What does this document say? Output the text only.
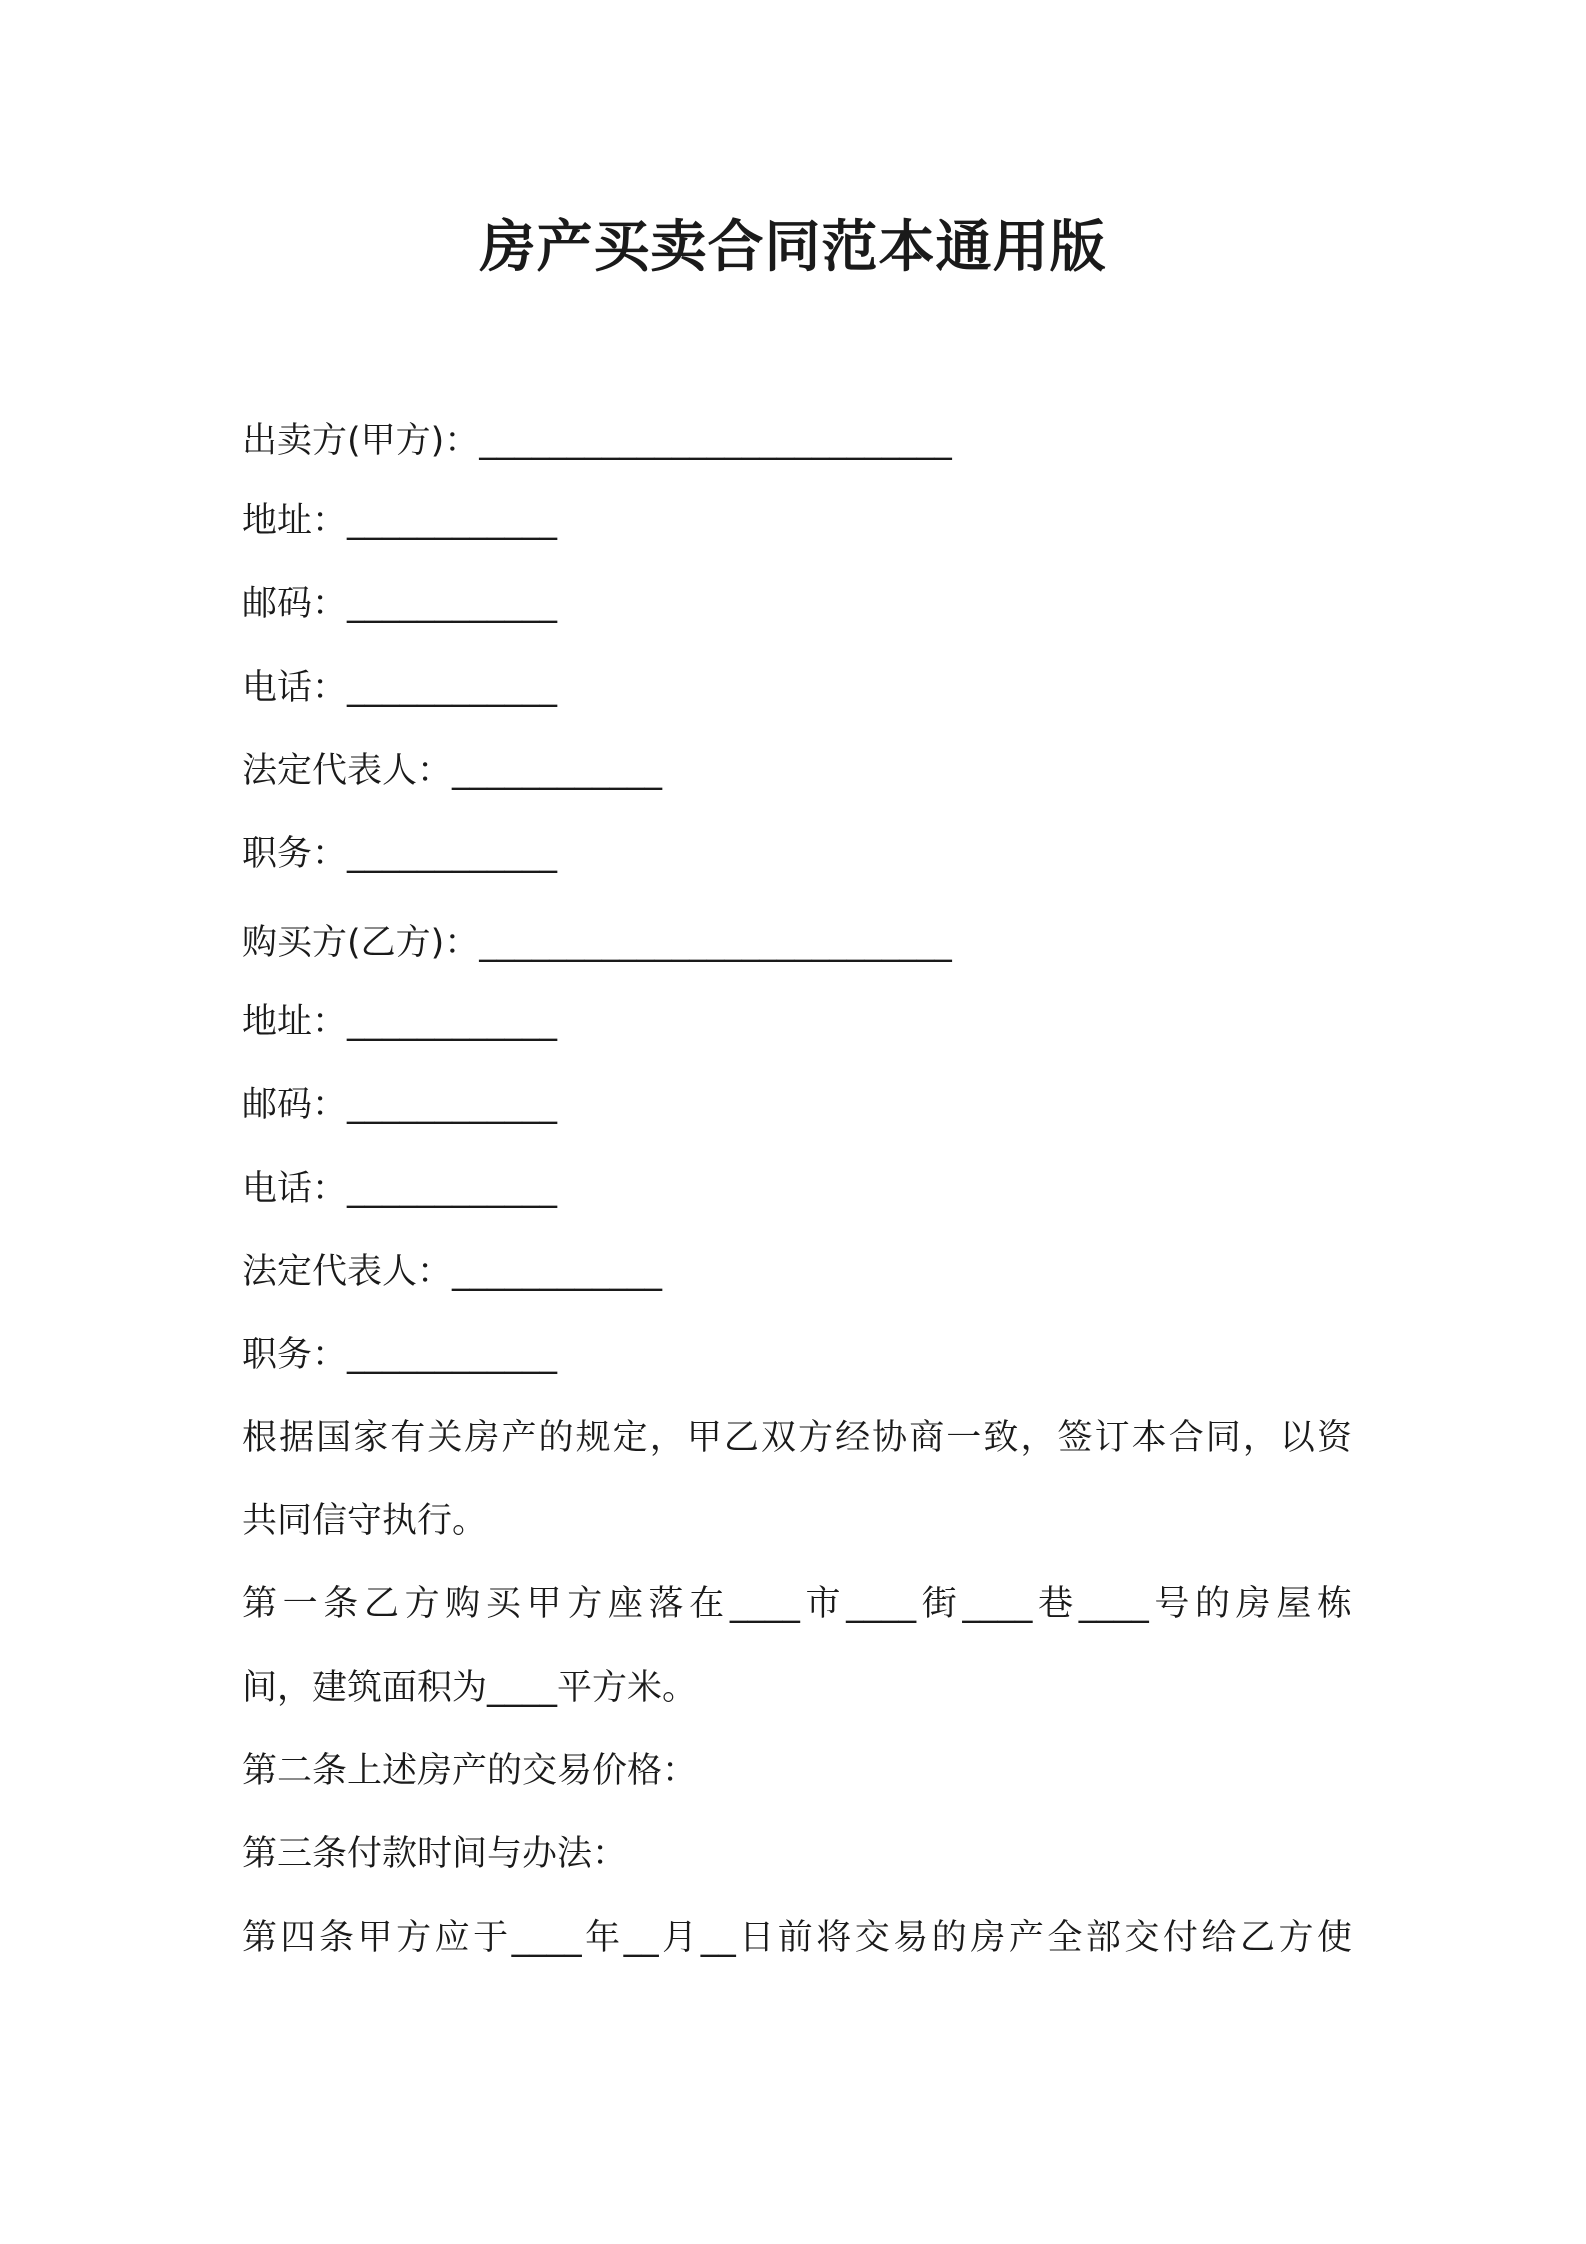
房产买卖合同范本通用版
出卖方(甲方)：___________________________
地址：____________
邮码：____________
电话：____________
法定代表人：____________
职务：____________
购买方(乙方)：___________________________
地址：____________
邮码：____________
电话：____________
法定代表人：____________
职务：____________
根据国家有关房产的规定，甲乙双方经协商一致，签订本合同，以资
共同信守执行。
第一条乙方购买甲方座落在____市____街____巷____号的房屋栋
间，建筑面积为____平方米。
第二条上述房产的交易价格：
第三条付款时间与办法：
第四条甲方应于____年__月__日前将交易的房产全部交付给乙方使
